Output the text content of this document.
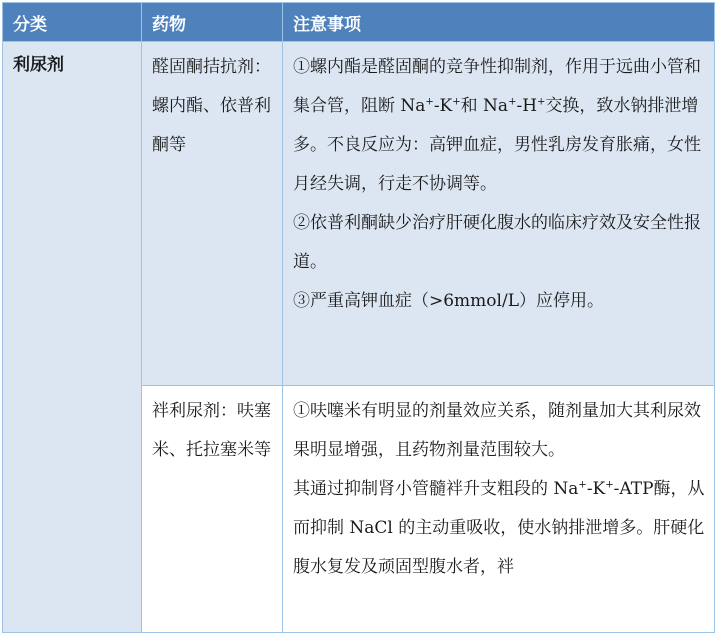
分类	药物	注意事项
利尿剂	醛固酮拮抗剂：螺内酯、依普利酮等	①螺内酯是醛固酮的竞争性抑制剂，作用于远曲小管和集合管，阻断 Na+-K+和 Na+-H+交换，致水钠排泄增多。不良反应为：高钾血症，男性乳房发育胀痛，女性月经失调，行走不协调等。

②依普利酮缺少治疗肝硬化腹水的临床疗效及安全性报道。

③严重高钾血症（>6mmol/L）应停用。

	袢利尿剂：呋塞米、托拉塞米等	①呋噻米有明显的剂量效应关系，随剂量加大其利尿效果明显增强，且药物剂量范围较大。

其通过抑制肾小管髓袢升支粗段的 Na+-K+-ATP酶，从而抑制 NaCl 的主动重吸收，使水钠排泄增多。肝硬化腹水复发及顽固型腹水者，袢
